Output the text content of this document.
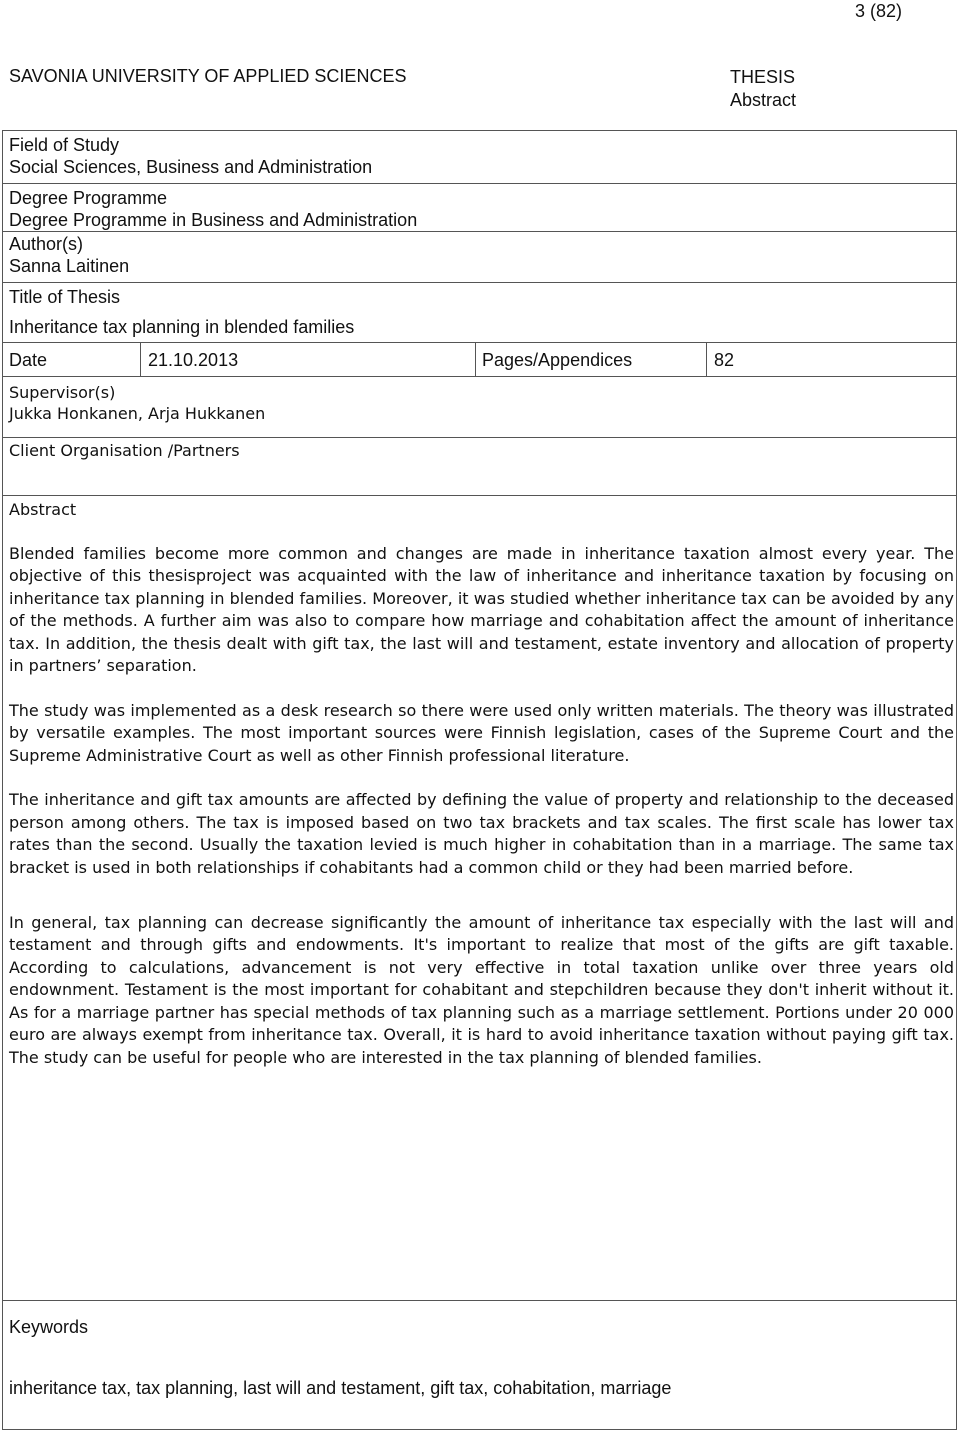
3 (82)
SAVONIA UNIVERSITY OF APPLIED SCIENCES	THESIS
Abstract
Field of Study
Social Sciences, Business and Administration
Degree Programme
Degree Programme in Business and Administration
Author(s)
Sanna Laitinen
Title of Thesis
Inheritance tax planning in blended families
Date	21.10.2013	Pages/Appendices	82
Supervisor(s)
Jukka Honkanen, Arja Hukkanen
Client Organisation /Partners
Abstract

Blended families become more common and changes are made in inheritance taxation almost every year. The objective of this thesisproject was acquainted with the law of inheritance and inheritance taxation by focusing on inheritance tax planning in blended families. Moreover, it was studied whether inheritance tax can be avoided by any of the methods. A further aim was also to compare how marriage and cohabitation affect the amount of inheritance tax. In addition, the thesis dealt with gift tax, the last will and testament, estate inventory and allocation of property in partners’ separation.

The study was implemented as a desk research so there were used only written materials. The theory was illustrated by versatile examples. The most important sources were Finnish legislation, cases of the Supreme Court and the Supreme Administrative Court as well as other Finnish professional literature.

The inheritance and gift tax amounts are affected by defining the value of property and relationship to the deceased person among others. The tax is imposed based on two tax brackets and tax scales. The first scale has lower tax rates than the second. Usually the taxation levied is much higher in cohabitation than in a marriage. The same tax bracket is used in both relationships if cohabitants had a common child or they had been married before.

In general, tax planning can decrease significantly the amount of inheritance tax especially with the last will and testament and through gifts and endowments. It's important to realize that most of the gifts are gift taxable. According to calculations, advancement is not very effective in total taxation unlike over three years old endownment. Testament is the most important for cohabitant and stepchildren because they don't inherit without it. As for a marriage partner has special methods of tax planning such as a marriage settlement. Portions under 20 000 euro are always exempt from inheritance tax. Overall, it is hard to avoid inheritance taxation without paying gift tax. The study can be useful for people who are interested in the tax planning of blended families.

Keywords
inheritance tax, tax planning, last will and testament, gift tax, cohabitation, marriage
